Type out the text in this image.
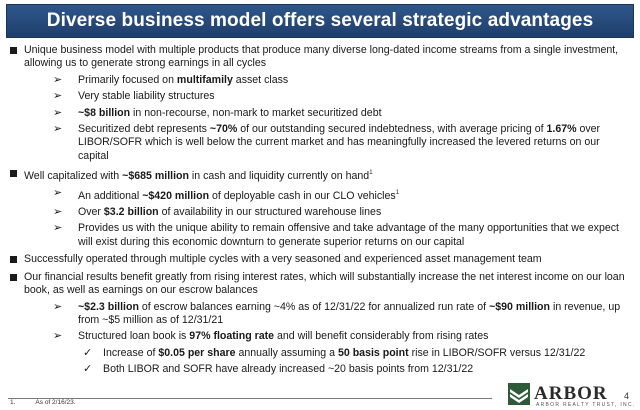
Diverse business model offers several strategic advantages
Unique business model with multiple products that produce many diverse long-dated income streams from a single investment, allowing us to generate strong earnings in all cycles
➢ Primarily focused on multifamily asset class
➢ Very stable liability structures
➢ ~$8 billion in non-recourse, non-mark to market securitized debt
➢ Securitized debt represents ~70% of our outstanding secured indebtedness, with average pricing of 1.67% over LIBOR/SOFR which is well below the current market and has meaningfully increased the levered returns on our capital
Well capitalized with ~$685 million in cash and liquidity currently on hand$^1$
➢ An additional ~$420 million of deployable cash in our CLO vehicles$^1$
➢ Over $3.2 billion of availability in our structured warehouse lines
➢ Provides us with the unique ability to remain offensive and take advantage of the many opportunities that we expect will exist during this economic downturn to generate superior returns on our capital
Successfully operated through multiple cycles with a very seasoned and experienced asset management team
Our financial results benefit greatly from rising interest rates, which will substantially increase the net interest income on our loan book, as well as earnings on our escrow balances
➢ ~$2.3 billion of escrow balances earning ~4% as of 12/31/22 for annualized run rate of ~$90 million in revenue, up from ~$5 million as of 12/31/21
➢ Structured loan book is 97% floating rate and will benefit considerably from rising rates
✓ Increase of $0.05 per share annually assuming a 50 basis point rise in LIBOR/SOFR versus 12/31/22
✓ Both LIBOR and SOFR have already increased ~20 basis points from 12/31/22
1.	As of 2/16/23.	ARBOR
ARBOR REALTY TRUST, INC.
4
